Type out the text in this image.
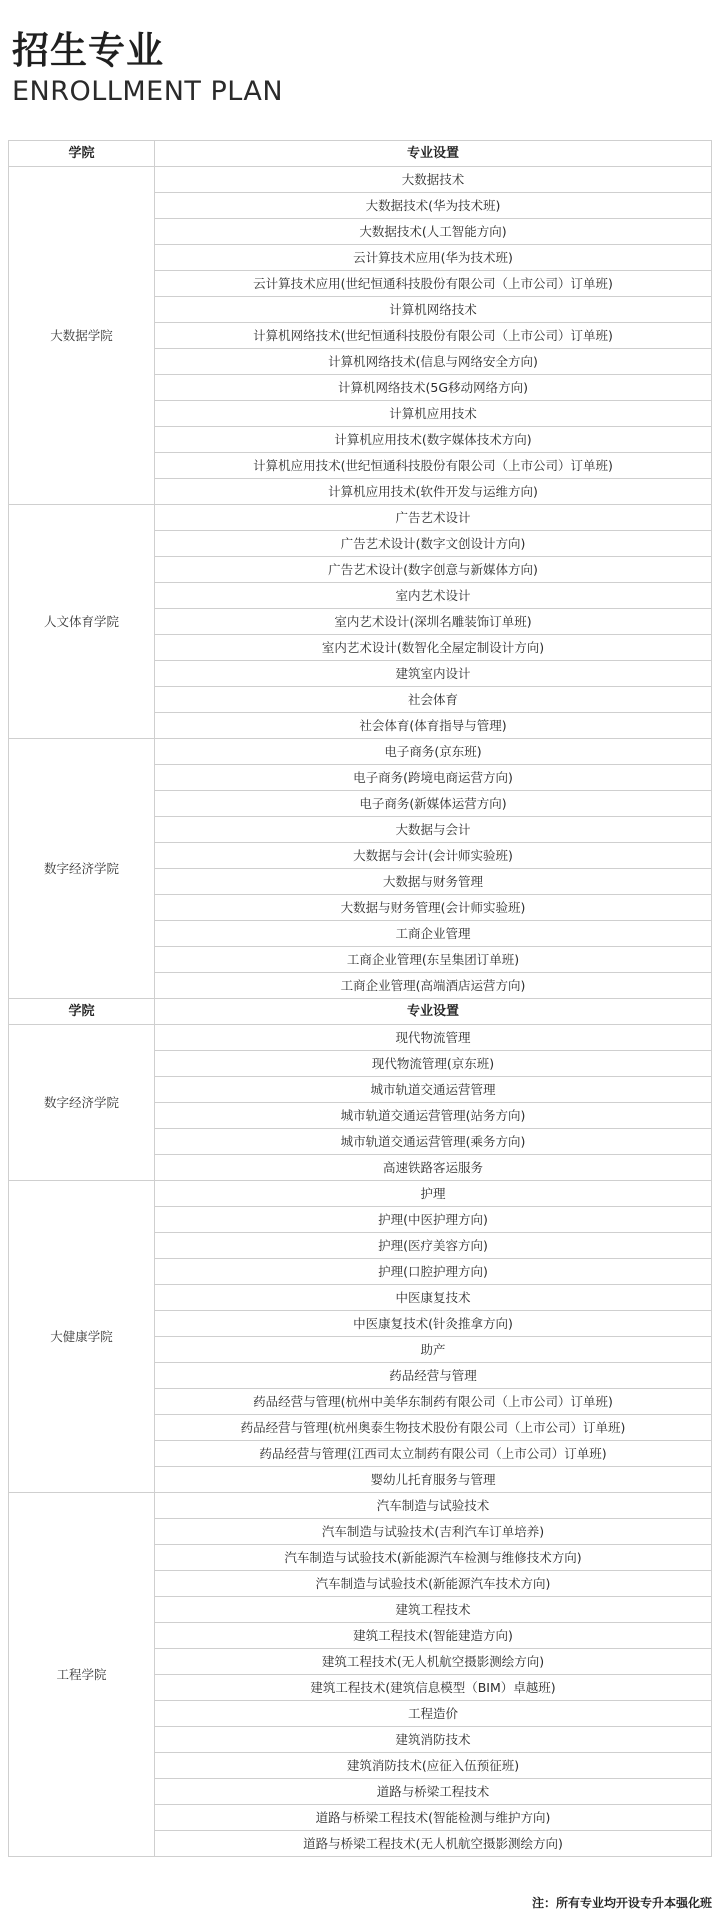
招生专业
ENROLLMENT PLAN
学院	专业设置
大数据学院	大数据技术
	大数据技术(华为技术班)
	大数据技术(人工智能方向)
	云计算技术应用(华为技术班)
	云计算技术应用(世纪恒通科技股份有限公司（上市公司）订单班)
	计算机网络技术
	计算机网络技术(世纪恒通科技股份有限公司（上市公司）订单班)
	计算机网络技术(信息与网络安全方向)
	计算机网络技术(5G移动网络方向)
	计算机应用技术
	计算机应用技术(数字媒体技术方向)
	计算机应用技术(世纪恒通科技股份有限公司（上市公司）订单班)
	计算机应用技术(软件开发与运维方向)
人文体育学院	广告艺术设计
	广告艺术设计(数字文创设计方向)
	广告艺术设计(数字创意与新媒体方向)
	室内艺术设计
	室内艺术设计(深圳名雕装饰订单班)
	室内艺术设计(数智化全屋定制设计方向)
	建筑室内设计
	社会体育
	社会体育(体育指导与管理)
数字经济学院	电子商务(京东班)
	电子商务(跨境电商运营方向)
	电子商务(新媒体运营方向)
	大数据与会计
	大数据与会计(会计师实验班)
	大数据与财务管理
	大数据与财务管理(会计师实验班)
	工商企业管理
	工商企业管理(东呈集团订单班)
	工商企业管理(高端酒店运营方向)
学院	专业设置
数字经济学院	现代物流管理
	现代物流管理(京东班)
	城市轨道交通运营管理
	城市轨道交通运营管理(站务方向)
	城市轨道交通运营管理(乘务方向)
	高速铁路客运服务
大健康学院	护理
	护理(中医护理方向)
	护理(医疗美容方向)
	护理(口腔护理方向)
	中医康复技术
	中医康复技术(针灸推拿方向)
	助产
	药品经营与管理
	药品经营与管理(杭州中美华东制药有限公司（上市公司）订单班)
	药品经营与管理(杭州奥泰生物技术股份有限公司（上市公司）订单班)
	药品经营与管理(江西司太立制药有限公司（上市公司）订单班)
	婴幼儿托育服务与管理
工程学院	汽车制造与试验技术
	汽车制造与试验技术(吉利汽车订单培养)
	汽车制造与试验技术(新能源汽车检测与维修技术方向)
	汽车制造与试验技术(新能源汽车技术方向)
	建筑工程技术
	建筑工程技术(智能建造方向)
	建筑工程技术(无人机航空摄影测绘方向)
	建筑工程技术(建筑信息模型（BIM）卓越班)
	工程造价
	建筑消防技术
	建筑消防技术(应征入伍预征班)
	道路与桥梁工程技术
	道路与桥梁工程技术(智能检测与维护方向)
	道路与桥梁工程技术(无人机航空摄影测绘方向)
注：所有专业均开设专升本强化班
